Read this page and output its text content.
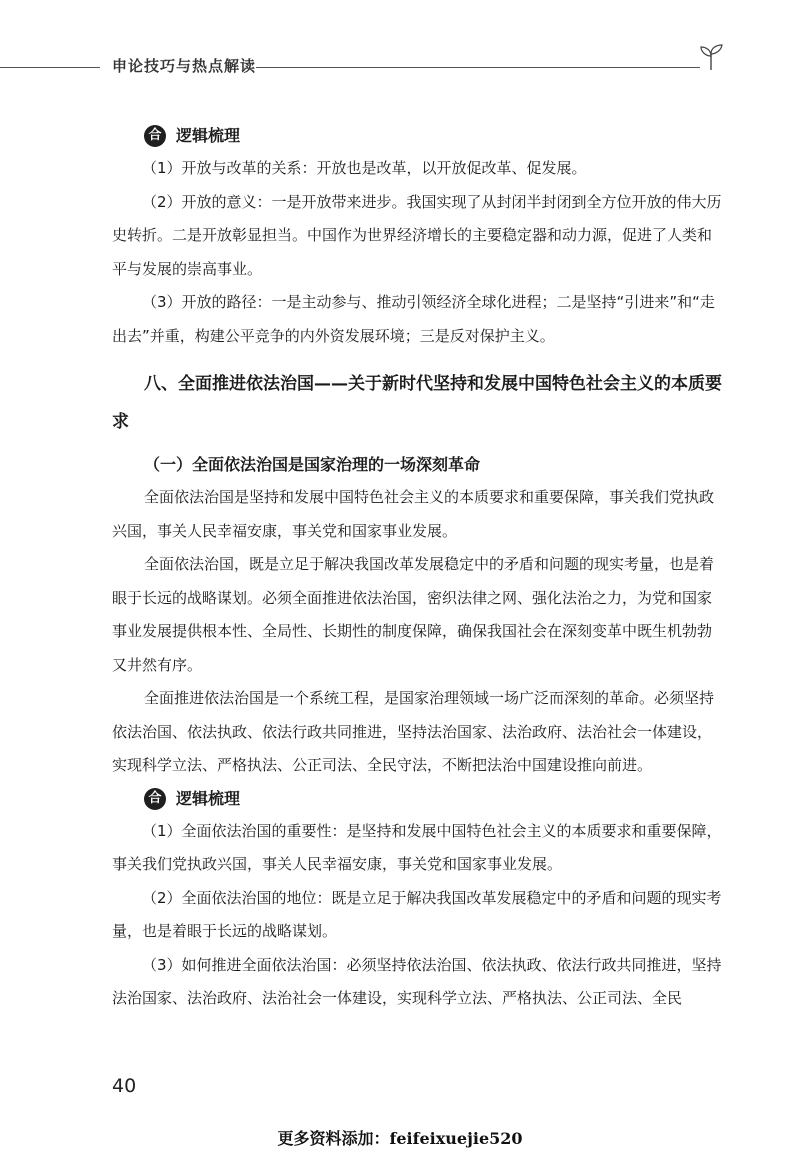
申论技巧与热点解读
合 逻辑梳理

（1）开放与改革的关系：开放也是改革，以开放促改革、促发展。

（2）开放的意义：一是开放带来进步。我国实现了从封闭半封闭到全方位开放的伟大历史转折。二是开放彰显担当。中国作为世界经济增长的主要稳定器和动力源，促进了人类和平与发展的崇高事业。

（3）开放的路径：一是主动参与、推动引领经济全球化进程；二是坚持“引进来”和“走出去”并重，构建公平竞争的内外资发展环境；三是反对保护主义。

八、全面推进依法治国——关于新时代坚持和发展中国特色社会主义的本质要求

（一）全面依法治国是国家治理的一场深刻革命

全面依法治国是坚持和发展中国特色社会主义的本质要求和重要保障，事关我们党执政兴国，事关人民幸福安康，事关党和国家事业发展。

全面依法治国，既是立足于解决我国改革发展稳定中的矛盾和问题的现实考量，也是着眼于长远的战略谋划。必须全面推进依法治国，密织法律之网、强化法治之力，为党和国家事业发展提供根本性、全局性、长期性的制度保障，确保我国社会在深刻变革中既生机勃勃又井然有序。

全面推进依法治国是一个系统工程，是国家治理领域一场广泛而深刻的革命。必须坚持依法治国、依法执政、依法行政共同推进，坚持法治国家、法治政府、法治社会一体建设，实现科学立法、严格执法、公正司法、全民守法，不断把法治中国建设推向前进。

合 逻辑梳理

（1）全面依法治国的重要性：是坚持和发展中国特色社会主义的本质要求和重要保障，事关我们党执政兴国，事关人民幸福安康，事关党和国家事业发展。

（2）全面依法治国的地位：既是立足于解决我国改革发展稳定中的矛盾和问题的现实考量，也是着眼于长远的战略谋划。

（3）如何推进全面依法治国：必须坚持依法治国、依法执政、依法行政共同推进，坚持法治国家、法治政府、法治社会一体建设，实现科学立法、严格执法、公正司法、全民

40
更多资料添加：feifeixuejie520
